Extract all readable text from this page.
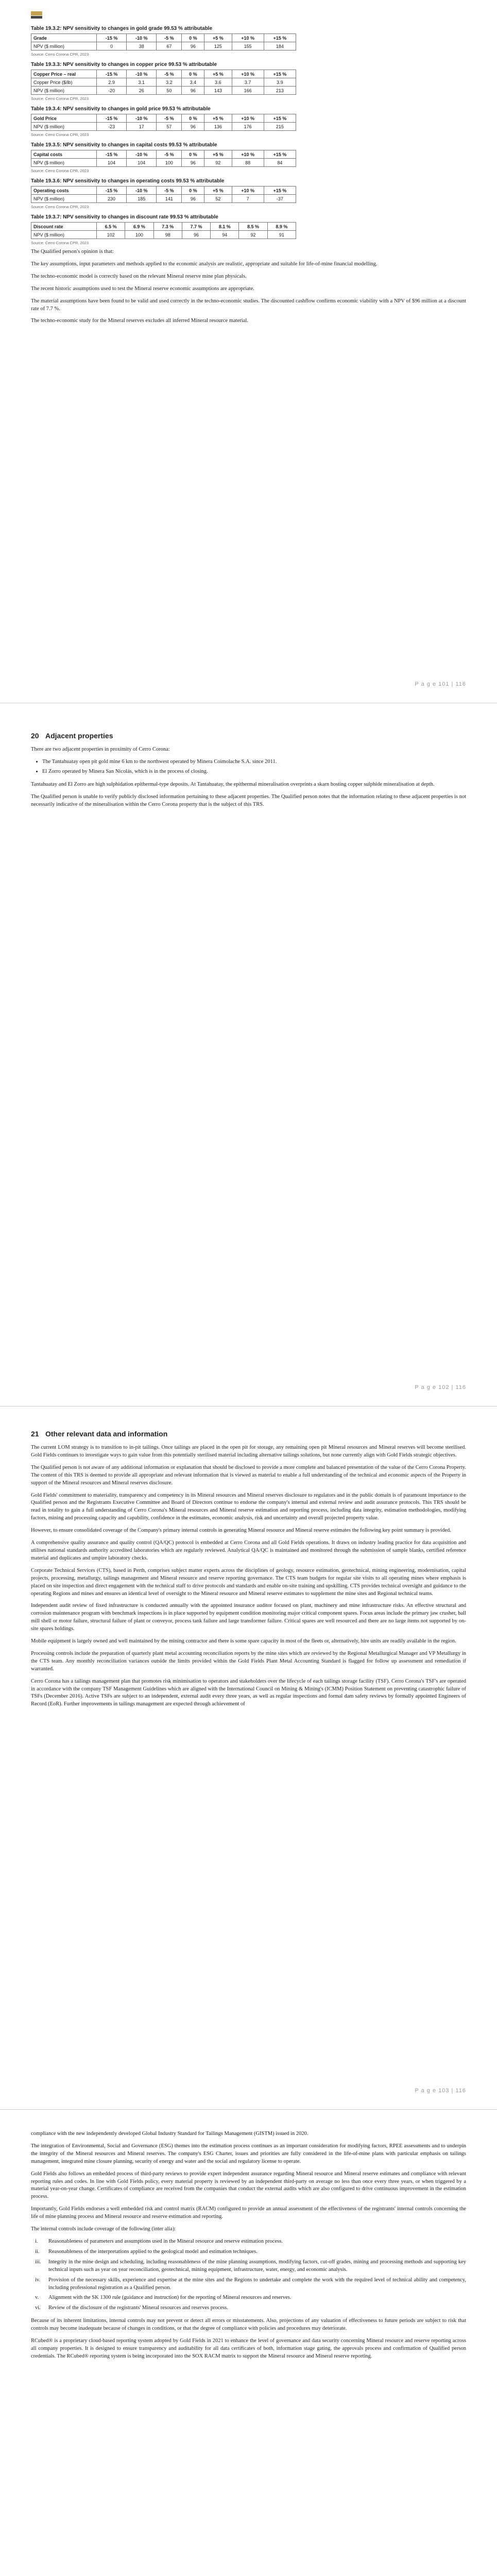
Table 19.3.2: NPV sensitivity to changes in gold grade 99.53 % attributable
Grade	-15 %	-10 %	-5 %	0 %	+5 %	+10 %	+15 %
NPV ($ million)	0	38	67	96	125	155	184
Source: Cerro Corona CPR, 2023
Table 19.3.3: NPV sensitivity to changes in copper price 99.53 % attributable
Copper Price – real	-15 %	-10 %	-5 %	0 %	+5 %	+10 %	+15 %
Copper Price ($/lb)	2.9	3.1	3.2	3.4	3.6	3.7	3.9
NPV ($ million)	-20	26	50	96	143	166	213
Source: Cerro Corona CPR, 2023
Table 19.3.4: NPV sensitivity to changes in gold price 99.53 % attributable
Gold Price	-15 %	-10 %	-5 %	0 %	+5 %	+10 %	+15 %
NPV ($ million)	-23	17	57	96	136	176	215
Source: Cerro Corona CPR, 2023
Table 19.3.5: NPV sensitivity to changes in capital costs 99.53 % attributable
Capital costs	-15 %	-10 %	-5 %	0 %	+5 %	+10 %	+15 %
NPV ($ million)	104	104	100	96	92	88	84
Source: Cerro Corona CPR, 2023
Table 19.3.6: NPV sensitivity to changes in operating costs 99.53 % attributable
Operating costs	-15 %	-10 %	-5 %	0 %	+5 %	+10 %	+15 %
NPV ($ million)	230	185	141	96	52	7	-37
Source: Cerro Corona CPR, 2023
Table 19.3.7: NPV sensitivity to changes in discount rate 99.53 % attributable
Discount rate	6.5 %	6.9 %	7.3 %	7.7 %	8.1 %	8.5 %	8.9 %
NPV ($ million)	102	100	98	96	94	92	91
Source: Cerro Corona CPR, 2023

The Qualified person's opinion is that:

The key assumptions, input parameters and methods applied to the economic analysis are realistic, appropriate and suitable for life-of-mine financial modelling.

The techno-economic model is correctly based on the relevant Mineral reserve mine plan physicals.

The recent historic assumptions used to test the Mineral reserve economic assumptions are appropriate.

The material assumptions have been found to be valid and used correctly in the techno-economic studies. The discounted cashflow confirms economic viability with a NPV of $96 million at a discount rate of 7.7 %.

The techno-economic study for the Mineral reserves excludes all inferred Mineral resource material.

P a g e 101 | 116
20 Adjacent properties

There are two adjacent properties in proximity of Cerro Corona:

• The Tantahuatay open pit gold mine 6 km to the northwest operated by Minera Coimolache S.A. since 2011.
• El Zorro operated by Minera San Nicolás, which is in the process of closing.

Tantahuatay and El Zorro are high sulphidation epithermal-type deposits. At Tantahuatay, the epithermal mineralisation overprints a skarn hosting copper sulphide mineralisation at depth.

The Qualified person is unable to verify publicly disclosed information pertaining to these adjacent properties. The Qualified person notes that the information relating to these adjacent properties is not necessarily indicative of the mineralisation within the Cerro Corona property that is the subject of this TRS.

P a g e 102 | 116
21 Other relevant data and information

The current LOM strategy is to transition to in-pit tailings. Once tailings are placed in the open pit for storage, any remaining open pit Mineral resources and Mineral reserves will become sterilised. Gold Fields continues to investigate ways to gain value from this potentially sterilised material including alternative tailings solutions, but none currently align with Gold Fields strategic objectives.

The Qualified person is not aware of any additional information or explanation that should be disclosed to provide a more complete and balanced presentation of the value of the Cerro Corona Property. The content of this TRS is deemed to provide all appropriate and relevant information that is viewed as material to enable a full understanding of the technical and economic aspects of the Property in support of the Mineral resources and Mineral reserves disclosure.

Gold Fields' commitment to materiality, transparency and competency in its Mineral resources and Mineral reserves disclosure to regulators and in the public domain is of paramount importance to the Qualified person and the Registrants Executive Committee and Board of Directors continue to endorse the company's internal and external review and audit assurance protocols. This TRS should be read in totality to gain a full understanding of Cerro Corona's Mineral resources and Mineral reserve estimation and reporting process, including data integrity, estimation methodologies, modifying factors, mining and processing capacity and capability, confidence in the estimates, economic analysis, risk and uncertainty and overall projected property value.

However, to ensure consolidated coverage of the Company's primary internal controls in generating Mineral resource and Mineral reserve estimates the following key point summary is provided.

A comprehensive quality assurance and quality control (QA/QC) protocol is embedded at Cerro Corona and all Gold Fields operations. It draws on industry leading practice for data acquisition and utilises national standards authority accredited laboratories which are regularly reviewed. Analytical QA/QC is maintained and monitored through the submission of sample blanks, certified reference material and duplicates and umpire laboratory checks.

Corporate Technical Services (CTS), based in Perth, comprises subject matter experts across the disciplines of geology, resource estimation, geotechnical, mining engineering, modernisation, capital projects, processing, metallurgy, tailings management and Mineral resource and reserve reporting governance. The CTS team budgets for regular site visits to all operating mines where emphasis is placed on site inspection and direct engagement with the technical staff to drive protocols and standards and enable on-site training and upskilling. CTS provides technical oversight and guidance to the operating Regions and mines and ensures an identical level of oversight to the Mineral resource and Mineral reserve estimates to supplement the mine sites and Regional technical teams.

Independent audit review of fixed infrastructure is conducted annually with the appointed insurance auditor focused on plant, machinery and mine infrastructure risks. An effective structural and corrosion maintenance program with benchmark inspections is in place supported by equipment condition monitoring major critical component spares. Focus areas include the primary jaw crusher, ball mill shell or motor failure, structural failure of plant or conveyor, process tank failure and large transformer failure. Critical spares are well resourced and there are no large items not supported by on-site spares holdings.

Mobile equipment is largely owned and well maintained by the mining contractor and there is some spare capacity in most of the fleets or, alternatively, hire units are readily available in the region.

Processing controls include the preparation of quarterly plant metal accounting reconciliation reports by the mine sites which are reviewed by the Regional Metallurgical Manager and VP Metallurgy in the CTS team. Any monthly reconciliation variances outside the limits provided within the Gold Fields Plant Metal Accounting Standard is flagged for follow up assessment and remediation if warranted.

Cerro Corona has a tailings management plan that promotes risk minimisation to operators and stakeholders over the lifecycle of each tailings storage facility (TSF). Cerro Corona's TSF's are operated in accordance with the company TSF Management Guidelines which are aligned with the International Council on Mining & Mining's (ICMM) Position Statement on preventing catastrophic failure of TSFs (December 2016). Active TSFs are subject to an independent, external audit every three years, as well as regular inspections and formal dam safety reviews by formally appointed Engineers of Record (EoR). Further improvements in tailings management are expected through achievement of

P a g e 103 | 116

compliance with the new independently developed Global Industry Standard for Tailings Management (GISTM) issued in 2020.

The integration of Environmental, Social and Governance (ESG) themes into the estimation process continues as an important consideration for modifying factors, RPEE assessments and to underpin the integrity of the Mineral resources and Mineral reserves. The company's ESG Charter, issues and priorities are fully considered in the life-of-mine plans with particular emphasis on tailings management, integrated mine closure planning, security of energy and water and the social and regulatory license to operate.

Gold Fields also follows an embedded process of third-party reviews to provide expert independent assurance regarding Mineral resource and Mineral reserve estimates and compliance with relevant reporting rules and codes. In line with Gold Fields policy, every material property is reviewed by an independent third-party on average no less than once every three years, or when triggered by a material year-on-year change. Certificates of compliance are received from the companies that conduct the external audits which are also configured to drive continuous improvement in the estimation process.

Importantly, Gold Fields endorses a well embedded risk and control matrix (RACM) configured to provide an annual assessment of the effectiveness of the registrants' internal controls concerning the life of mine planning process and Mineral resource and reserve estimation and reporting.

The internal controls include coverage of the following (inter alia):

i. Reasonableness of parameters and assumptions used in the Mineral resource and reserve estimation process.
ii. Reasonableness of the interpretations applied to the geological model and estimation techniques.
iii. Integrity in the mine design and scheduling, including reasonableness of the mine planning assumptions, modifying factors, cut-off grades, mining and processing methods and supporting key technical inputs such as year on year reconciliation, geotechnical, mining equipment, infrastructure, water, energy, and economic analysis.
iv. Provision of the necessary skills, experience and expertise at the mine sites and the Regions to undertake and complete the work with the required level of technical ability and competency, including professional registration as a Qualified person.
v. Alignment with the SK 1300 rule (guidance and instruction) for the reporting of Mineral resources and reserves.
vi. Review of the disclosure of the registrants' Mineral resources and reserves process.

Because of its inherent limitations, internal controls may not prevent or detect all errors or misstatements. Also, projections of any valuation of effectiveness to future periods are subject to risk that controls may become inadequate because of changes in conditions, or that the degree of compliance with policies and procedures may deteriorate.

RCubed® is a proprietary cloud-based reporting system adopted by Gold Fields in 2021 to enhance the level of governance and data security concerning Mineral resource and reserve reporting across all company properties. It is designed to ensure transparency and auditability for all data certificates of both, information stage gating, the approvals process and confirmation of Qualified person credentials. The RCubed® reporting system is being incorporated into the SOX RACM matrix to support the Mineral resource and Mineral reserve reporting.
